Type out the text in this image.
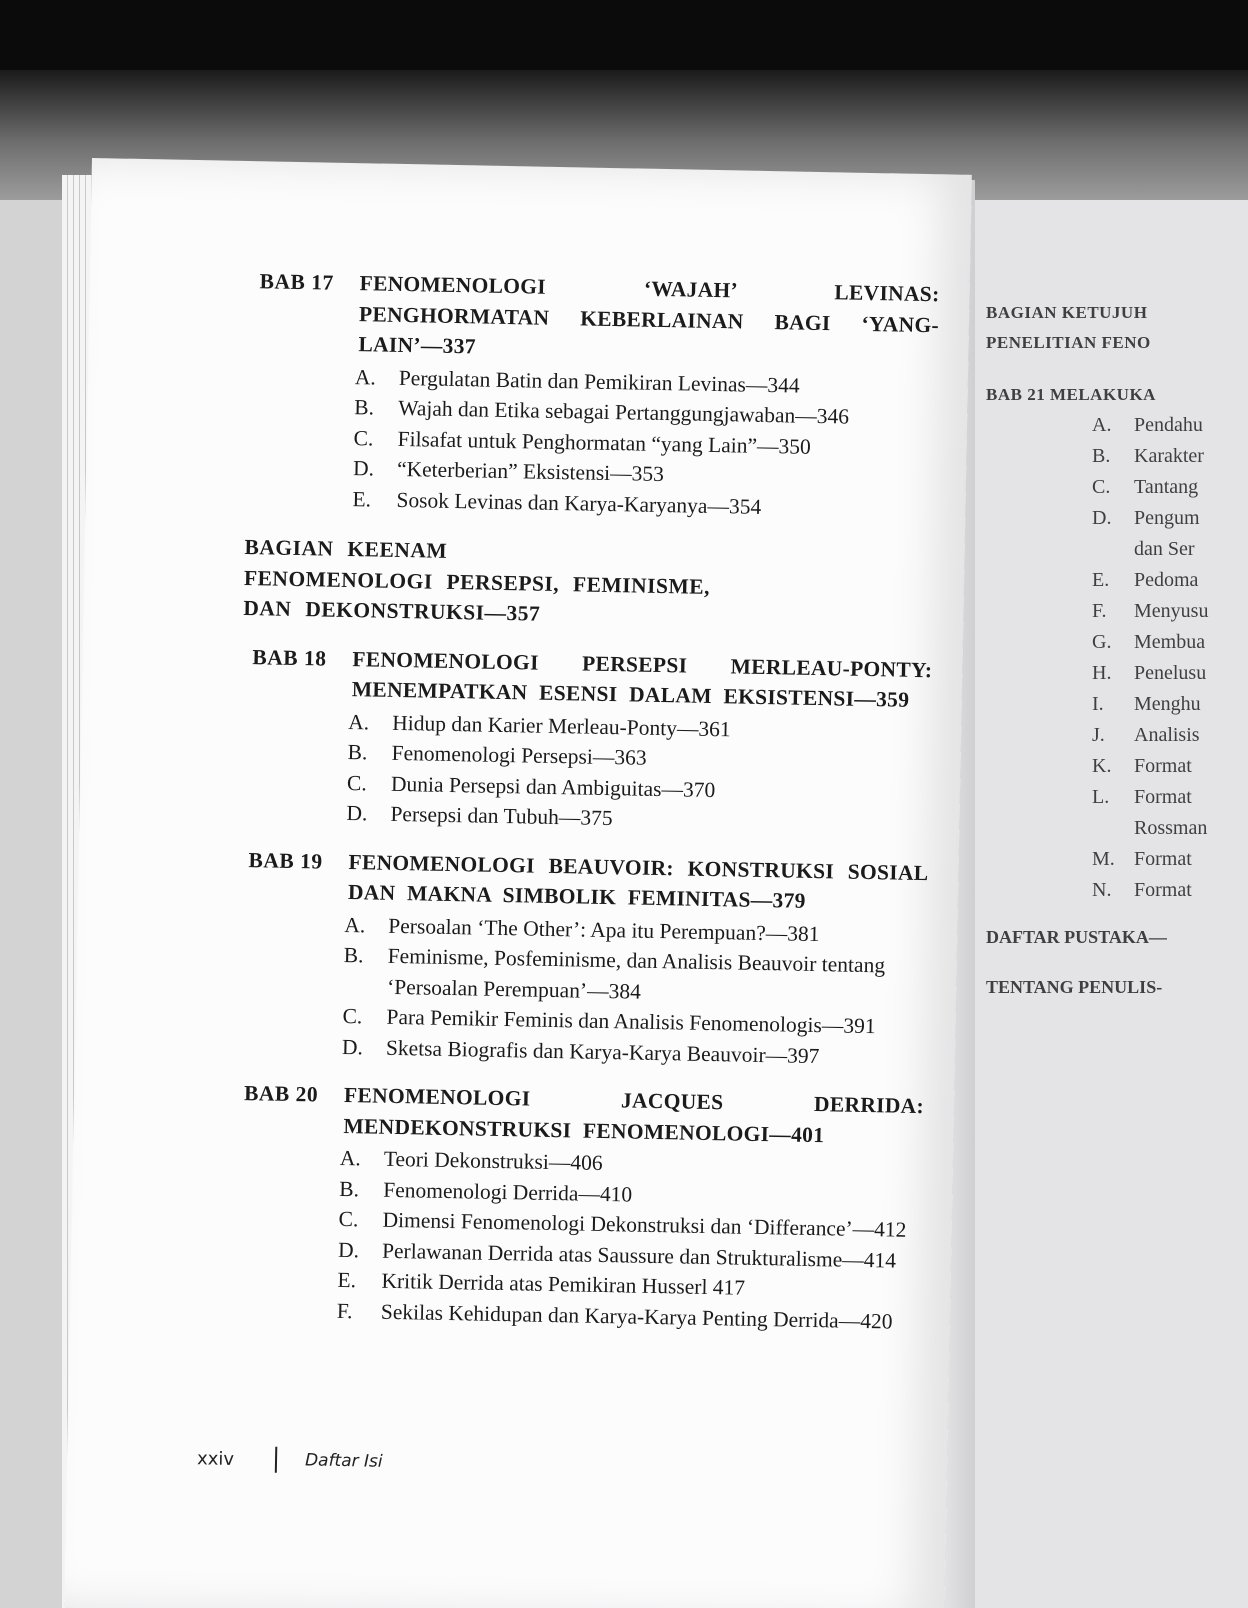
BAGIAN KETUJUH
PENELITIAN FENO
BAB 21 MELAKUKA
A. Pendahu
B. Karakter
C. Tantang
D. Pengum
dan Ser
E. Pedoma
F. Menyusu
G. Membua
H. Penelusu
I. Menghu
J. Analisis
K. Format
L. Format
Rossman
M. Format
N. Format
DAFTAR PUSTAKA—
TENTANG PENULIS-
BAB 17	FENOMENOLOGI ‘WAJAH’ LEVINAS: PENGHORMATAN KEBERLAINAN BAGI ‘YANG-LAIN’—337
A.	Pergulatan Batin dan Pemikiran Levinas—344
B.	Wajah dan Etika sebagai Pertanggungjawaban—346
C.	Filsafat untuk Penghormatan “yang Lain”—350
D.	“Keterberian” Eksistensi—353
E.	Sosok Levinas dan Karya-Karyanya—354
BAGIAN KEENAM
FENOMENOLOGI PERSEPSI, FEMINISME,
DAN DEKONSTRUKSI—357
BAB 18	FENOMENOLOGI PERSEPSI MERLEAU-PONTY: MENEMPATKAN ESENSI DALAM EKSISTENSI—359
A.	Hidup dan Karier Merleau-Ponty—361
B.	Fenomenologi Persepsi—363
C.	Dunia Persepsi dan Ambiguitas—370
D.	Persepsi dan Tubuh—375
BAB 19	FENOMENOLOGI BEAUVOIR: KONSTRUKSI SOSIAL DAN MAKNA SIMBOLIK FEMINITAS—379
A.	Persoalan ‘The Other’: Apa itu Perempuan?—381
B.	Feminisme, Posfeminisme, dan Analisis Beauvoir tentang ‘Persoalan Perempuan’—384
C.	Para Pemikir Feminis dan Analisis Fenomenologis—391
D.	Sketsa Biografis dan Karya-Karya Beauvoir—397
BAB 20	FENOMENOLOGI JACQUES DERRIDA: MENDEKONSTRUKSI FENOMENOLOGI—401
A.	Teori Dekonstruksi—406
B.	Fenomenologi Derrida—410
C.	Dimensi Fenomenologi Dekonstruksi dan ‘Differance’—412
D.	Perlawanan Derrida atas Saussure dan Strukturalisme—414
E.	Kritik Derrida atas Pemikiran Husserl 417
F.	Sekilas Kehidupan dan Karya-Karya Penting Derrida—420
xxiv	Daftar Isi
